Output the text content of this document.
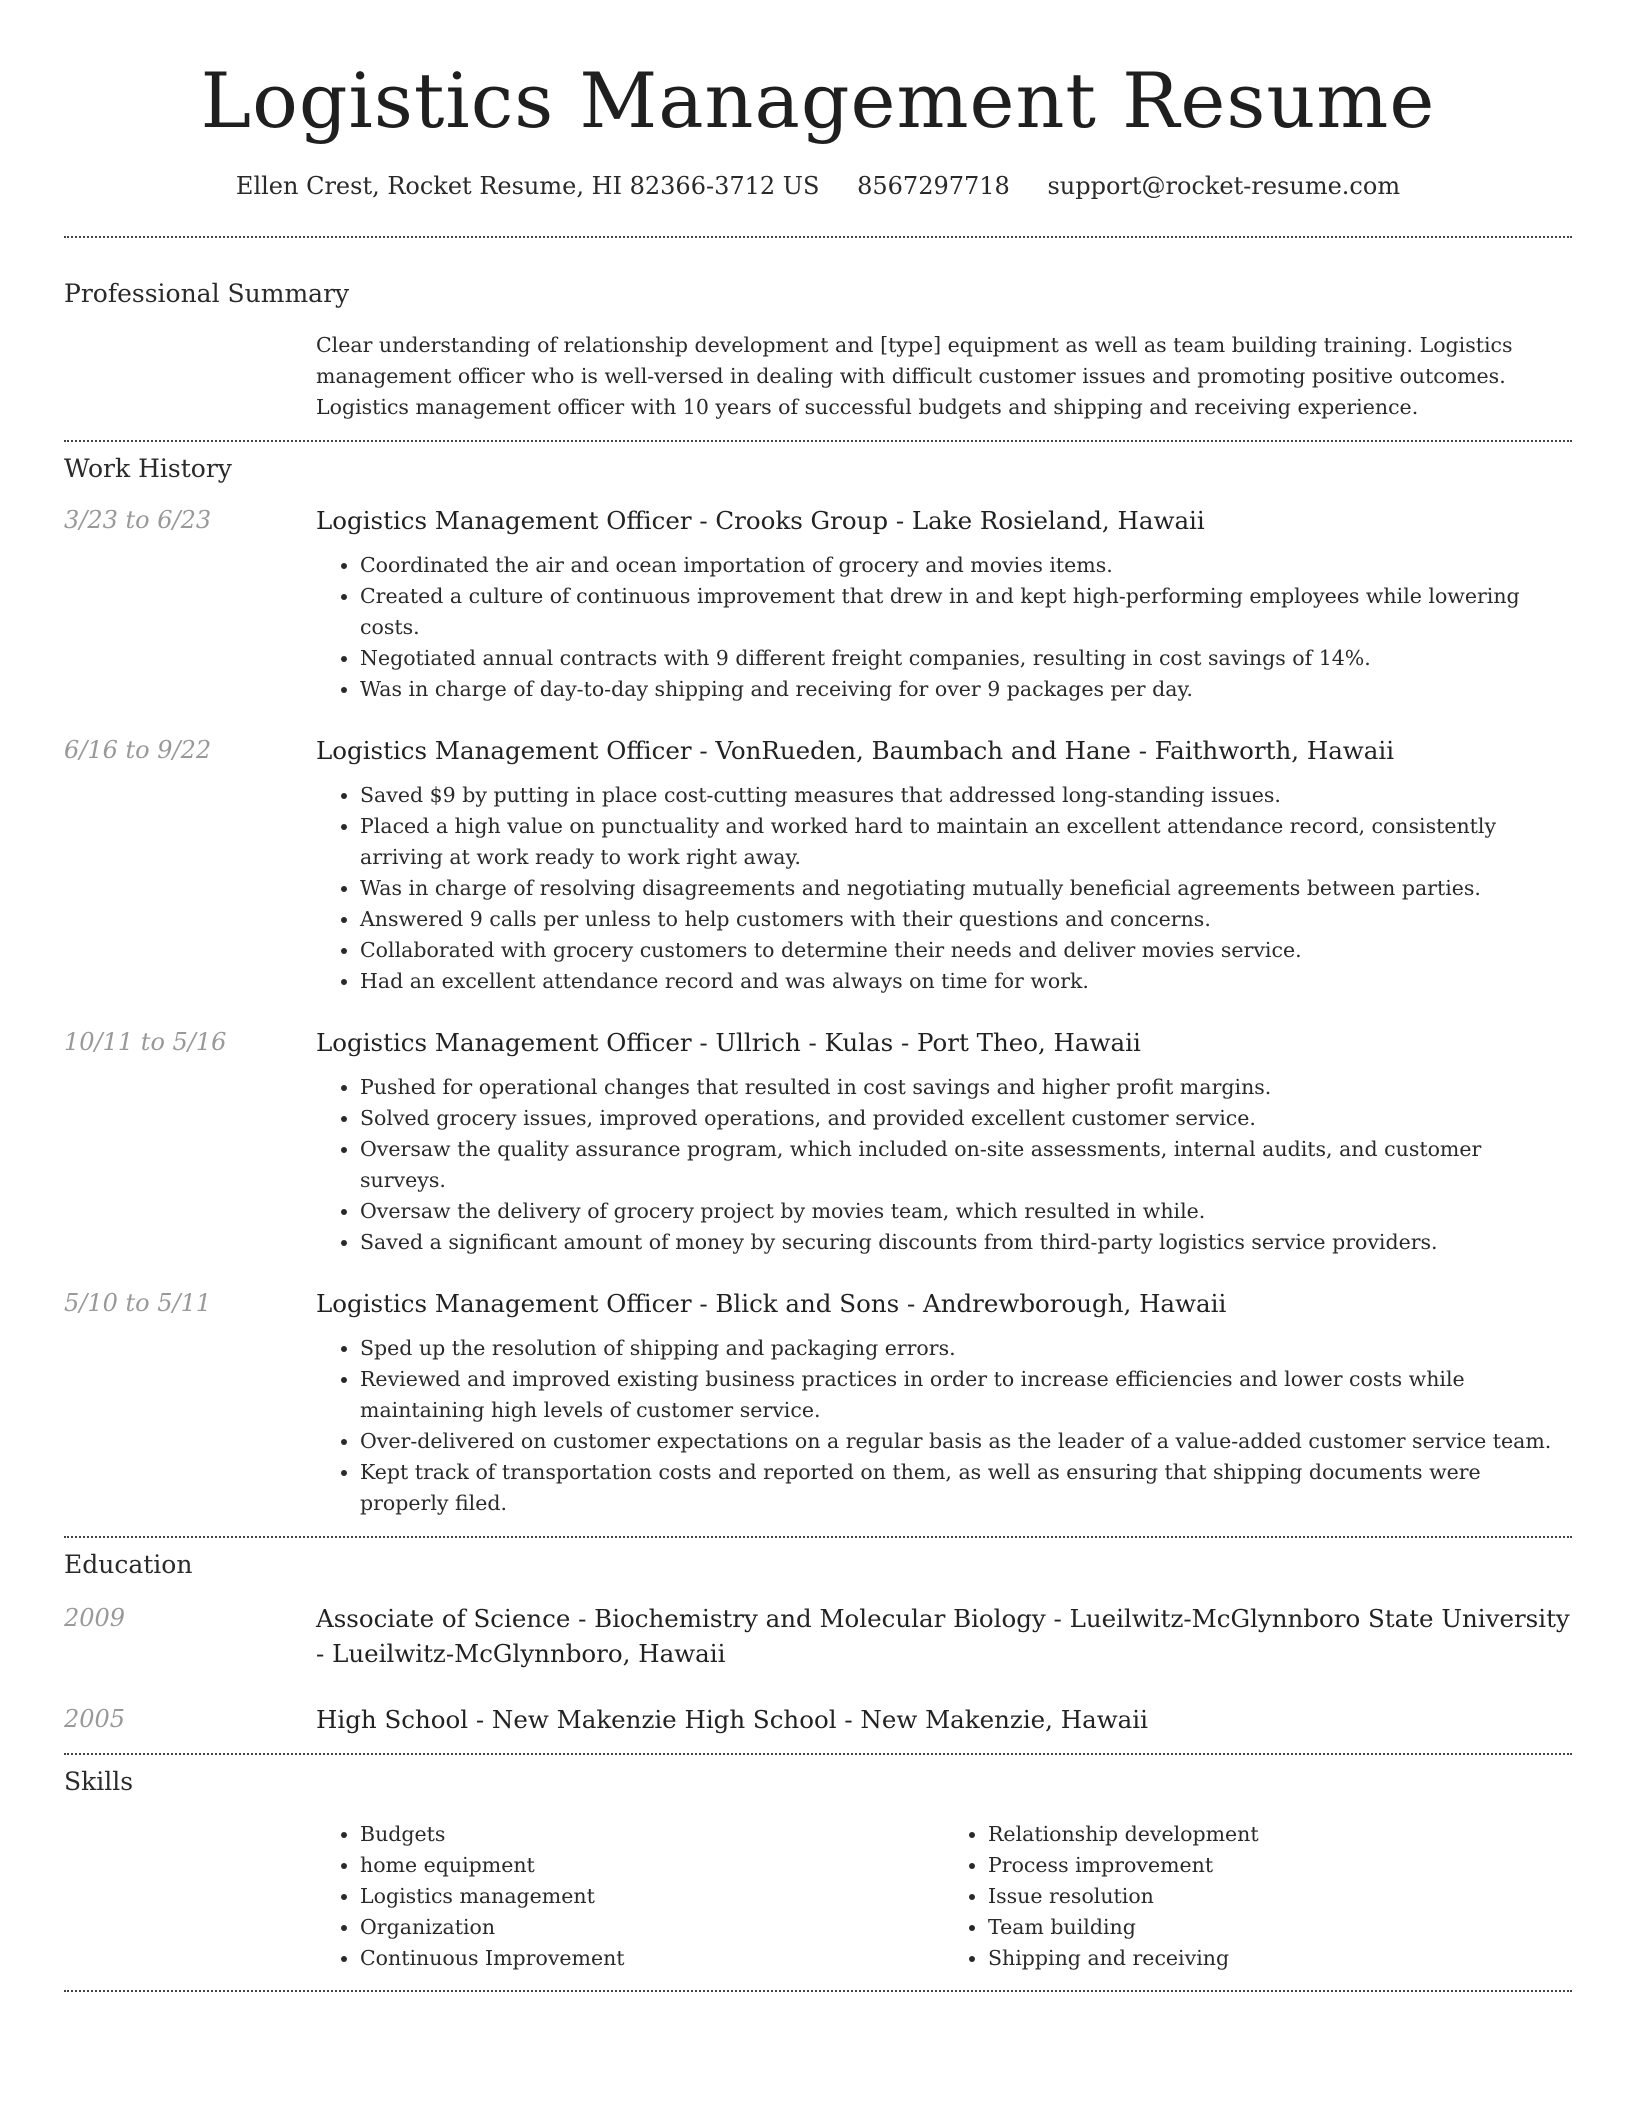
Logistics Management Resume
Ellen Crest, Rocket Resume, HI 82366-3712 US 8567297718 support@rocket-resume.com
Professional Summary
Clear understanding of relationship development and [type] equipment as well as team building training. Logistics management officer who is well-versed in dealing with difficult customer issues and promoting positive outcomes. Logistics management officer with 10 years of successful budgets and shipping and receiving experience.
Work History
3/23 to 6/23	Logistics Management Officer - Crooks Group - Lake Rosieland, Hawaii
• Coordinated the air and ocean importation of grocery and movies items.
• Created a culture of continuous improvement that drew in and kept high-performing employees while lowering costs.
• Negotiated annual contracts with 9 different freight companies, resulting in cost savings of 14%.
• Was in charge of day-to-day shipping and receiving for over 9 packages per day.
6/16 to 9/22	Logistics Management Officer - VonRueden, Baumbach and Hane - Faithworth, Hawaii
• Saved $9 by putting in place cost-cutting measures that addressed long-standing issues.
• Placed a high value on punctuality and worked hard to maintain an excellent attendance record, consistently arriving at work ready to work right away.
• Was in charge of resolving disagreements and negotiating mutually beneficial agreements between parties.
• Answered 9 calls per unless to help customers with their questions and concerns.
• Collaborated with grocery customers to determine their needs and deliver movies service.
• Had an excellent attendance record and was always on time for work.
10/11 to 5/16	Logistics Management Officer - Ullrich - Kulas - Port Theo, Hawaii
• Pushed for operational changes that resulted in cost savings and higher profit margins.
• Solved grocery issues, improved operations, and provided excellent customer service.
• Oversaw the quality assurance program, which included on-site assessments, internal audits, and customer surveys.
• Oversaw the delivery of grocery project by movies team, which resulted in while.
• Saved a significant amount of money by securing discounts from third-party logistics service providers.
5/10 to 5/11	Logistics Management Officer - Blick and Sons - Andrewborough, Hawaii
• Sped up the resolution of shipping and packaging errors.
• Reviewed and improved existing business practices in order to increase efficiencies and lower costs while maintaining high levels of customer service.
• Over-delivered on customer expectations on a regular basis as the leader of a value-added customer service team.
• Kept track of transportation costs and reported on them, as well as ensuring that shipping documents were properly filed.
Education
2009	Associate of Science - Biochemistry and Molecular Biology - Lueilwitz-McGlynnboro State University - Lueilwitz-McGlynnboro, Hawaii
2005	High School - New Makenzie High School - New Makenzie, Hawaii
Skills
• Budgets
• home equipment
• Logistics management
• Organization
• Continuous Improvement
• Relationship development
• Process improvement
• Issue resolution
• Team building
• Shipping and receiving
